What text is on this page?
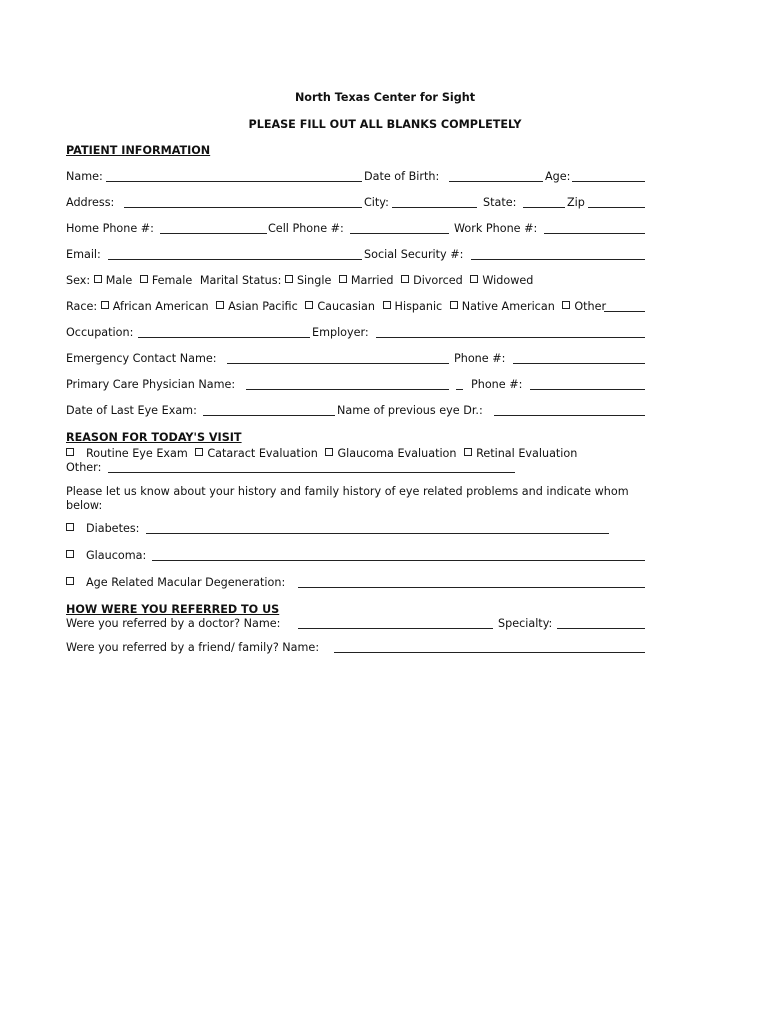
North Texas Center for Sight
PLEASE FILL OUT ALL BLANKS COMPLETELY
PATIENT INFORMATION
Name:	Date of Birth:	Age:
Address:	City:	State:	Zip
Home Phone #:	Cell Phone #:	Work Phone #:
Email:	Social Security #:
Sex: Male Female Marital Status: Single Married Divorced Widowed
Race: African American Asian Pacific Caucasian Hispanic Native American Other
Occupation:	Employer:
Emergency Contact Name:	Phone #:
Primary Care Physician Name:	Phone #:
Date of Last Eye Exam:	Name of previous eye Dr.:
REASON FOR TODAY'S VISIT
Routine Eye Exam Cataract Evaluation Glaucoma Evaluation Retinal Evaluation
Other:
Please let us know about your history and family history of eye related problems and indicate whom
below:
Diabetes:
Glaucoma:
Age Related Macular Degeneration:
HOW WERE YOU REFERRED TO US
Were you referred by a doctor? Name:	Specialty:
Were you referred by a friend/ family? Name:
